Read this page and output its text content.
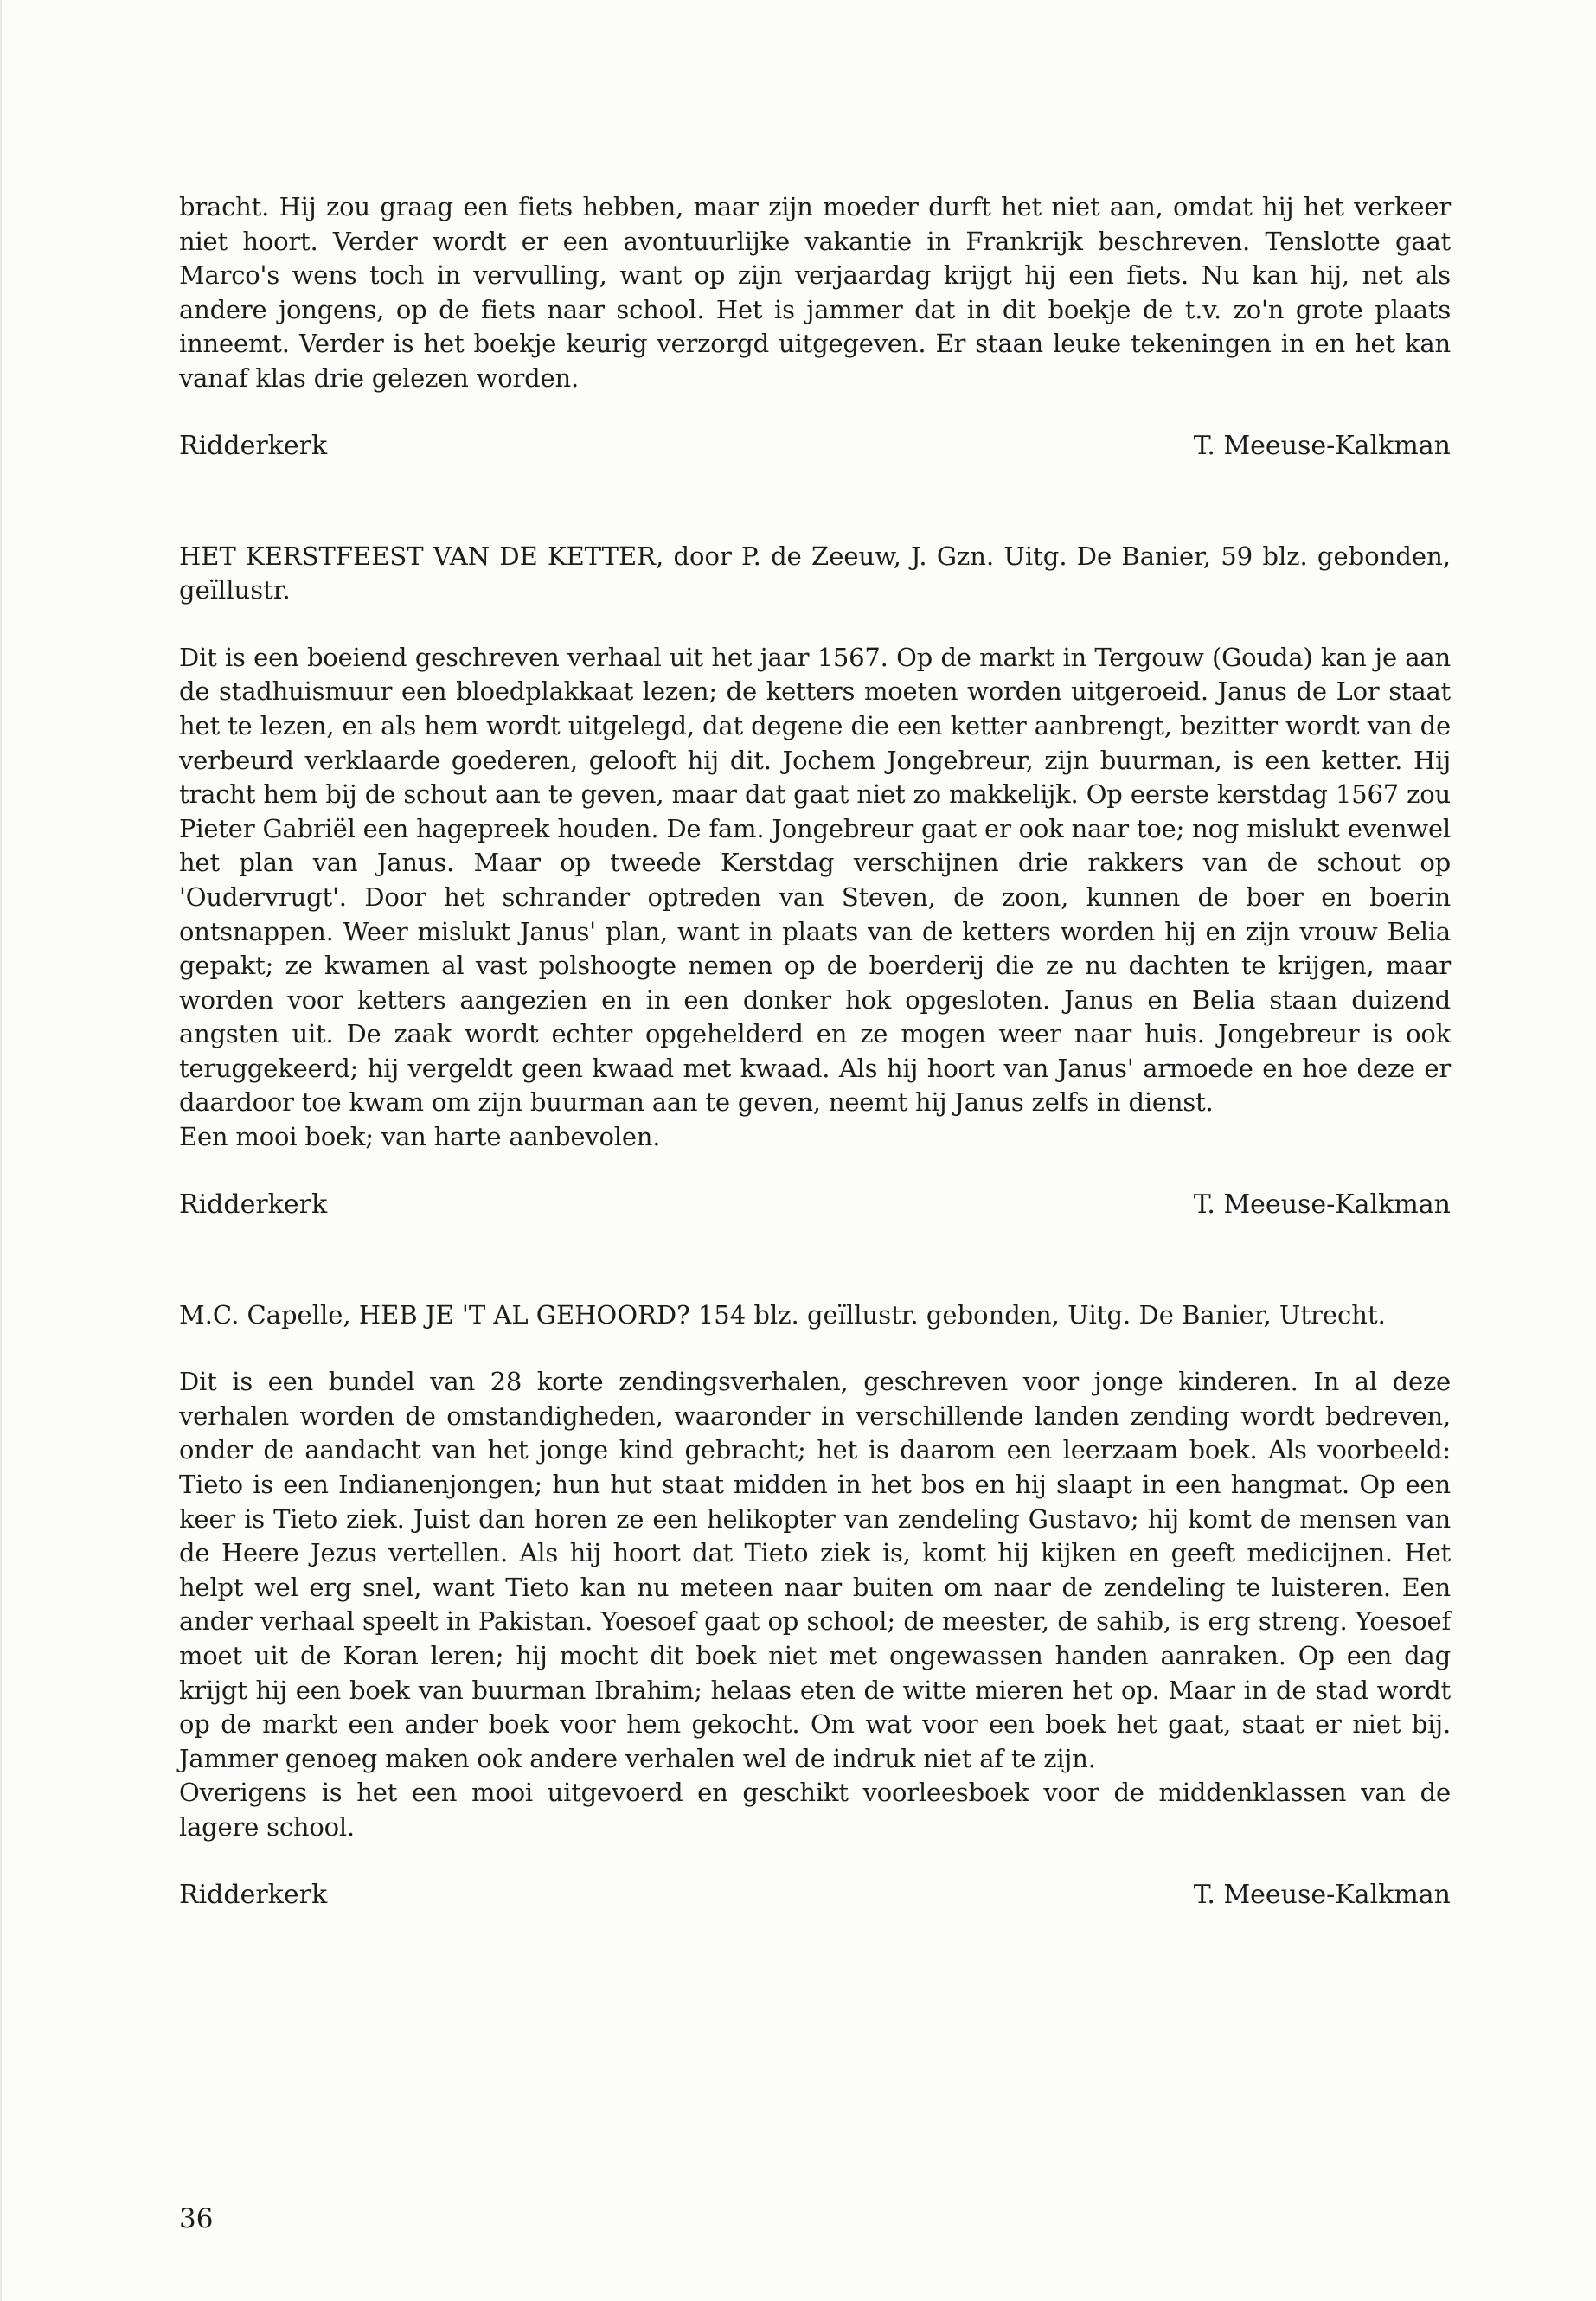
bracht. Hij zou graag een fiets hebben, maar zijn moeder durft het niet aan, omdat hij het verkeer niet hoort. Verder wordt er een avontuurlijke vakantie in Frankrijk beschreven. Tenslotte gaat Marco's wens toch in vervulling, want op zijn verjaardag krijgt hij een fiets. Nu kan hij, net als andere jongens, op de fiets naar school. Het is jammer dat in dit boekje de t.v. zo'n grote plaats inneemt. Verder is het boekje keurig verzorgd uitgegeven. Er staan leuke tekeningen in en het kan vanaf klas drie gelezen worden.

Ridderkerk	T. Meeuse-Kalkman

HET KERSTFEEST VAN DE KETTER, door P. de Zeeuw, J. Gzn. Uitg. De Banier, 59 blz. gebonden, geïllustr.

Dit is een boeiend geschreven verhaal uit het jaar 1567. Op de markt in Tergouw (Gouda) kan je aan de stadhuismuur een bloedplakkaat lezen; de ketters moeten worden uitgeroeid. Janus de Lor staat het te lezen, en als hem wordt uitgelegd, dat degene die een ketter aanbrengt, bezitter wordt van de verbeurd verklaarde goederen, gelooft hij dit. Jochem Jongebreur, zijn buurman, is een ketter. Hij tracht hem bij de schout aan te geven, maar dat gaat niet zo makkelijk. Op eerste kerstdag 1567 zou Pieter Gabriël een hagepreek houden. De fam. Jongebreur gaat er ook naar toe; nog mislukt evenwel het plan van Janus. Maar op tweede Kerstdag verschijnen drie rakkers van de schout op 'Oudervrugt'. Door het schrander optreden van Steven, de zoon, kunnen de boer en boerin ontsnappen. Weer mislukt Janus' plan, want in plaats van de ketters worden hij en zijn vrouw Belia gepakt; ze kwamen al vast polshoogte nemen op de boerderij die ze nu dachten te krijgen, maar worden voor ketters aangezien en in een donker hok opgesloten. Janus en Belia staan duizend angsten uit. De zaak wordt echter opgehelderd en ze mogen weer naar huis. Jongebreur is ook teruggekeerd; hij vergeldt geen kwaad met kwaad. Als hij hoort van Janus' armoede en hoe deze er daardoor toe kwam om zijn buurman aan te geven, neemt hij Janus zelfs in dienst.

Een mooi boek; van harte aanbevolen.

Ridderkerk	T. Meeuse-Kalkman

M.C. Capelle, HEB JE 'T AL GEHOORD? 154 blz. geïllustr. gebonden, Uitg. De Banier, Utrecht.

Dit is een bundel van 28 korte zendingsverhalen, geschreven voor jonge kinderen. In al deze verhalen worden de omstandigheden, waaronder in verschillende landen zending wordt bedreven, onder de aandacht van het jonge kind gebracht; het is daarom een leerzaam boek. Als voorbeeld: Tieto is een Indianenjongen; hun hut staat midden in het bos en hij slaapt in een hangmat. Op een keer is Tieto ziek. Juist dan horen ze een helikopter van zendeling Gustavo; hij komt de mensen van de Heere Jezus vertellen. Als hij hoort dat Tieto ziek is, komt hij kijken en geeft medicijnen. Het helpt wel erg snel, want Tieto kan nu meteen naar buiten om naar de zendeling te luisteren. Een ander verhaal speelt in Pakistan. Yoesoef gaat op school; de meester, de sahib, is erg streng. Yoesoef moet uit de Koran leren; hij mocht dit boek niet met ongewassen handen aanraken. Op een dag krijgt hij een boek van buurman Ibrahim; helaas eten de witte mieren het op. Maar in de stad wordt op de markt een ander boek voor hem gekocht. Om wat voor een boek het gaat, staat er niet bij. Jammer genoeg maken ook andere verhalen wel de indruk niet af te zijn.

Overigens is het een mooi uitgevoerd en geschikt voorleesboek voor de middenklassen van de lagere school.

Ridderkerk	T. Meeuse-Kalkman
36
